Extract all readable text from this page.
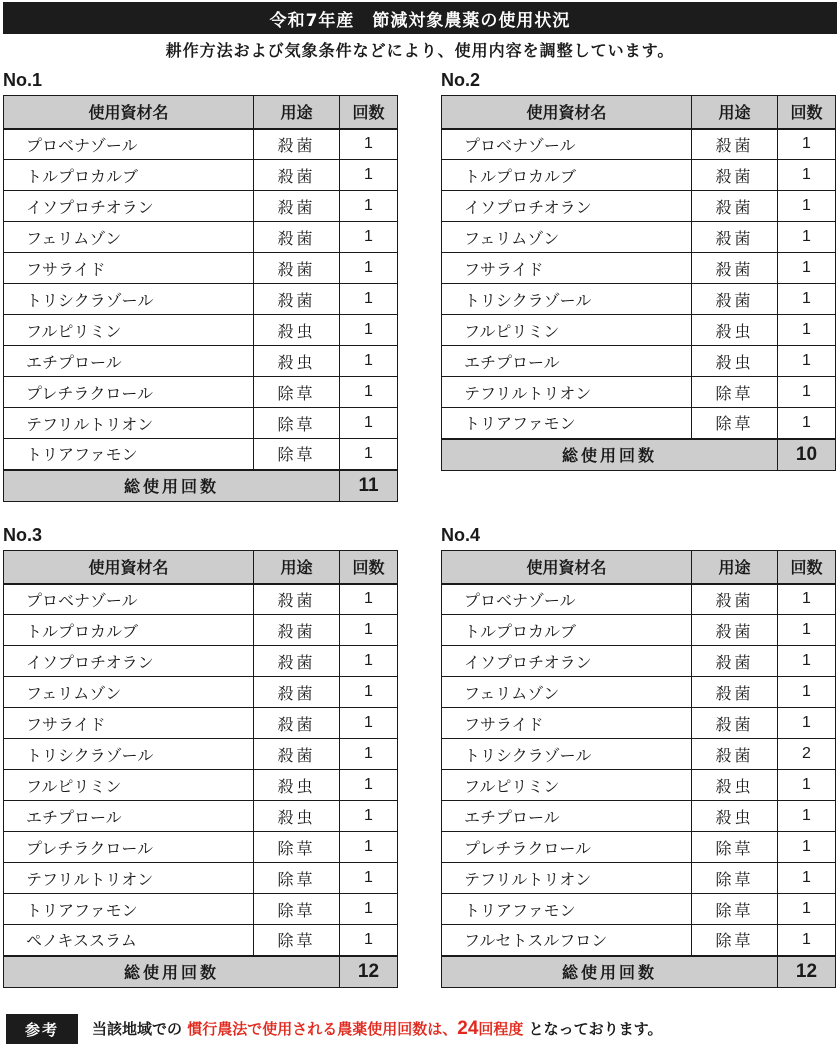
令和7年産　節減対象農薬の使用状況
耕作方法および気象条件などにより、使用内容を調整しています。
No.1
使用資材名	用途	回数
プロベナゾール	殺菌	1
トルプロカルブ	殺菌	1
イソプロチオラン	殺菌	1
フェリムゾン	殺菌	1
フサライド	殺菌	1
トリシクラゾール	殺菌	1
フルピリミン	殺虫	1
エチプロール	殺虫	1
プレチラクロール	除草	1
テフリルトリオン	除草	1
トリアファモン	除草	1
総使用回数		11
No.2
使用資材名	用途	回数
プロベナゾール	殺菌	1
トルプロカルブ	殺菌	1
イソプロチオラン	殺菌	1
フェリムゾン	殺菌	1
フサライド	殺菌	1
トリシクラゾール	殺菌	1
フルピリミン	殺虫	1
エチプロール	殺虫	1
テフリルトリオン	除草	1
トリアファモン	除草	1
総使用回数		10
No.3
使用資材名	用途	回数
プロベナゾール	殺菌	1
トルプロカルブ	殺菌	1
イソプロチオラン	殺菌	1
フェリムゾン	殺菌	1
フサライド	殺菌	1
トリシクラゾール	殺菌	1
フルピリミン	殺虫	1
エチプロール	殺虫	1
プレチラクロール	除草	1
テフリルトリオン	除草	1
トリアファモン	除草	1
ペノキススラム	除草	1
総使用回数		12
No.4
使用資材名	用途	回数
プロベナゾール	殺菌	1
トルプロカルブ	殺菌	1
イソプロチオラン	殺菌	1
フェリムゾン	殺菌	1
フサライド	殺菌	1
トリシクラゾール	殺菌	2
フルピリミン	殺虫	1
エチプロール	殺虫	1
プレチラクロール	除草	1
テフリルトリオン	除草	1
トリアファモン	除草	1
フルセトスルフロン	除草	1
総使用回数		12
参考	当該地域での 慣行農法で使用される農薬使用回数は、24回程度 となっております。
